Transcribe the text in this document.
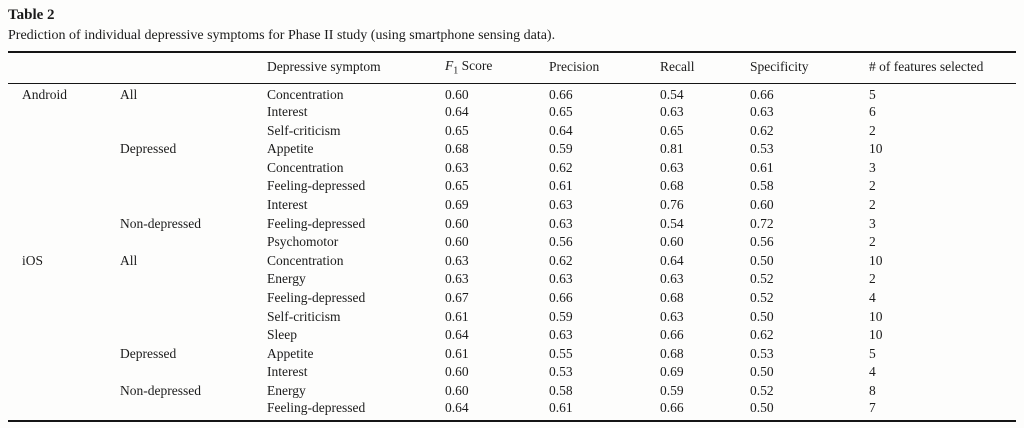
Table 2
Prediction of individual depressive symptoms for Phase II study (using smartphone sensing data).
		Depressive symptom	$F_1$ Score	Precision	Recall	Specificity	# of features selected
Android	All	Concentration	0.60	0.66	0.54	0.66	5
		Interest	0.64	0.65	0.63	0.63	6
		Self-criticism	0.65	0.64	0.65	0.62	2
	Depressed	Appetite	0.68	0.59	0.81	0.53	10
		Concentration	0.63	0.62	0.63	0.61	3
		Feeling-depressed	0.65	0.61	0.68	0.58	2
		Interest	0.69	0.63	0.76	0.60	2
	Non-depressed	Feeling-depressed	0.60	0.63	0.54	0.72	3
		Psychomotor	0.60	0.56	0.60	0.56	2
iOS	All	Concentration	0.63	0.62	0.64	0.50	10
		Energy	0.63	0.63	0.63	0.52	2
		Feeling-depressed	0.67	0.66	0.68	0.52	4
		Self-criticism	0.61	0.59	0.63	0.50	10
		Sleep	0.64	0.63	0.66	0.62	10
	Depressed	Appetite	0.61	0.55	0.68	0.53	5
		Interest	0.60	0.53	0.69	0.50	4
	Non-depressed	Energy	0.60	0.58	0.59	0.52	8
		Feeling-depressed	0.64	0.61	0.66	0.50	7
